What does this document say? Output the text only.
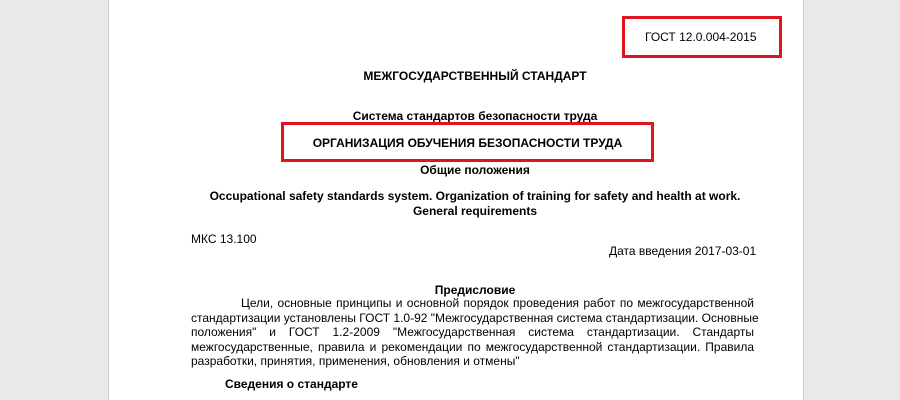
ГОСТ 12.0.004-2015
МЕЖГОСУДАРСТВЕННЫЙ СТАНДАРТ
Система стандартов безопасности труда
ОРГАНИЗАЦИЯ ОБУЧЕНИЯ БЕЗОПАСНОСТИ ТРУДА
Общие положения
Occupational safety standards system. Organization of training for safety and health at work.
General requirements
МКС 13.100
Дата введения 2017-03-01
Предисловие
Цели, основные принципы и основной порядок проведения работ по межгосударственной
стандартизации установлены ГОСТ 1.0-92 "Межгосударственная система стандартизации. Основные
положения" и ГОСТ 1.2-2009 "Межгосударственная система стандартизации. Стандарты
межгосударственные, правила и рекомендации по межгосударственной стандартизации. Правила
разработки, принятия, применения, обновления и отмены"
Сведения о стандарте
